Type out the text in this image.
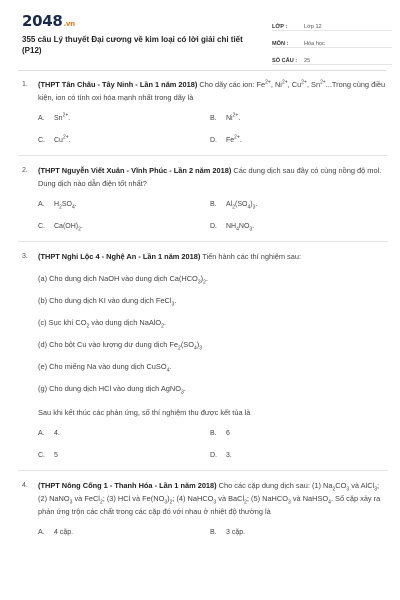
2048.vn
355 câu Lý thuyết Đại cương về kim loại có lời giải chi tiết (P12)
LỚP :	Lớp 12
MÔN :	Hóa học
SỐ CÂU :	25
1. (THPT Tân Châu - Tây Ninh - Lần 1 năm 2018) Cho dãy các ion: $Fe^{2+}$, $Ni^{2+}$, $Cu^{2+}$, $Sn^{2+}...Trong$ cùng điều kiện, ion có tính oxi hóa mạnh nhất trong dãy là
A. $Sn^{2+}$.	B. $Ni^{2+}$.
C. $Cu^{2+}$.	D. $Fe^{2+}$.
2. (THPT Nguyễn Viết Xuân - Vĩnh Phúc - Lần 2 năm 2018) Các dung dịch sau đây có cùng nồng độ mol. Dung dịch nào dẫn điện tốt nhất?
A. $H_2SO_4$.	B. $Al_2(SO_4)_3$.
C. $Ca(OH)_2$.	D. $NH_4NO_3$.
3. (THPT Nghi Lộc 4 - Nghệ An - Lần 1 năm 2018) Tiến hành các thí nghiệm sau:
(a) Cho dung dịch NaOH vào dung dịch $Ca(HCO_3)_2$.
(b) Cho dung dịch KI vào dung dịch FeCl$_3$.
(c) Sục khí $CO_2$ vào dung dịch NaAlO$_2$.
(d) Cho bột Cu vào lượng dư dung dịch $Fe_2(SO_4)_3$
(e) Cho miếng Na vào dung dịch CuSO$_4$.
(g) Cho dung dịch HCl vào dung dịch AgNO$_3$.
Sau khi kết thúc các phản ứng, số thí nghiệm thu được kết tủa là
A. 4.	B. 6
C. 5	D. 3.
4. (THPT Nông Cống 1 - Thanh Hóa - Lần 1 năm 2018) Cho các cặp dung dịch sau: (1) $Na_2CO_3$ và AlCl$_3$; (2) NaNO$_3$ và FeCl$_2$; (3) HCl và $Fe(NO_3)_2$; (4) NaHCO$_3$ và BaCl$_2$; (5) NaHCO$_3$ và NaHSO$_4$. Số cặp xảy ra phản ứng trộn các chất trong các cặp đó với nhau ở nhiệt độ thường là
A. 4 cặp.	B. 3 cặp.
